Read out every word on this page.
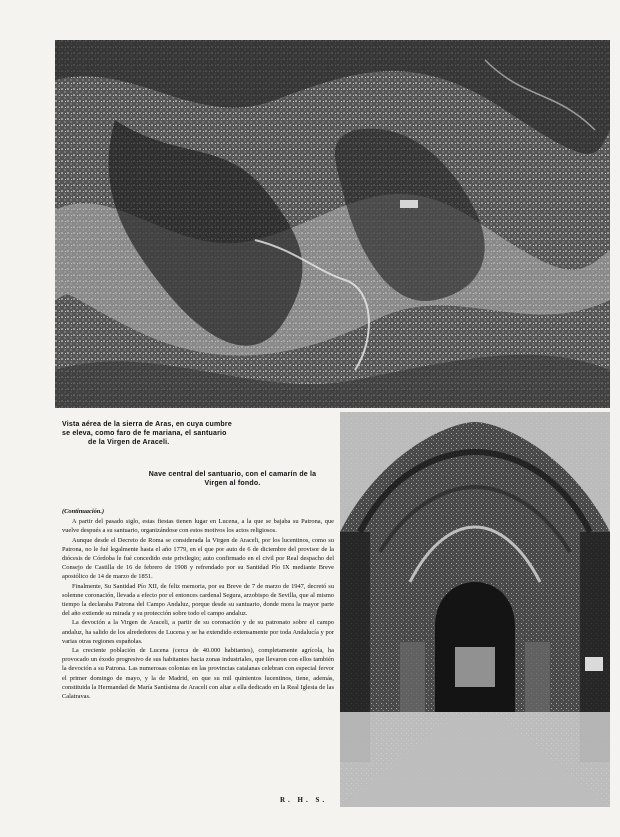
Vista aérea de la sierra de Aras, en cuya cumbre
se eleva, como faro de fe mariana, el santuario
de la Virgen de Araceli.
Nave central del santuario, con el camarín de la
Virgen al fondo.
(Continuación.)

A partir del pasado siglo, estas fiestas tienen lugar en Lucena, a la que se bajaba su Patrona, que vuelve después a su santuario, organizándose con estos motivos los actos religiosos.

Aunque desde el Decreto de Roma se considerada la Virgen de Araceli, por los lucentinos, como su Patrona, no le fué legalmente hasta el año 1779, en el que por auto de 6 de diciembre del provisor de la diócesis de Córdoba le fué concedido este privilegio; auto confirmado en el civil por Real despacho del Consejo de Castilla de 16 de febrero de 1908 y refrendado por su Santidad Pío IX mediante Breve apostólico de 14 de marzo de 1851.

Finalmente, Su Santidad Pío XII, de feliz memoria, por su Breve de 7 de marzo de 1947, decretó su solemne coronación, llevada a efecto por el entonces cardenal Segura, arzobispo de Sevilla, que al mismo tiempo la declaraba Patrona del Campo Andaluz, porque desde su santuario, donde mora la mayor parte del año extiende su mirada y su protección sobre todo el campo andaluz.

La devoción a la Virgen de Araceli, a partir de su coronación y de su patronato sobre el campo andaluz, ha salido de los alrededores de Lucena y se ha extendido extensamente por toda Andalucía y por varias otras regiones españolas.

La creciente población de Lucena (cerca de 40.000 habitantes), completamente agrícola, ha provocado un éxodo progresivo de sus habitantes hacia zonas industriales, que llevaron con ellos también la devoción a su Patrona. Las numerosas colonias en las provincias catalanas celebran con especial fervor el primer domingo de mayo, y la de Madrid, en que su mil quinientos lucentinos, tiene, además, constituida la Hermandad de María Santísima de Araceli con altar a ella dedicado en la Real Iglesia de las Calatravas.

R. H. S.
